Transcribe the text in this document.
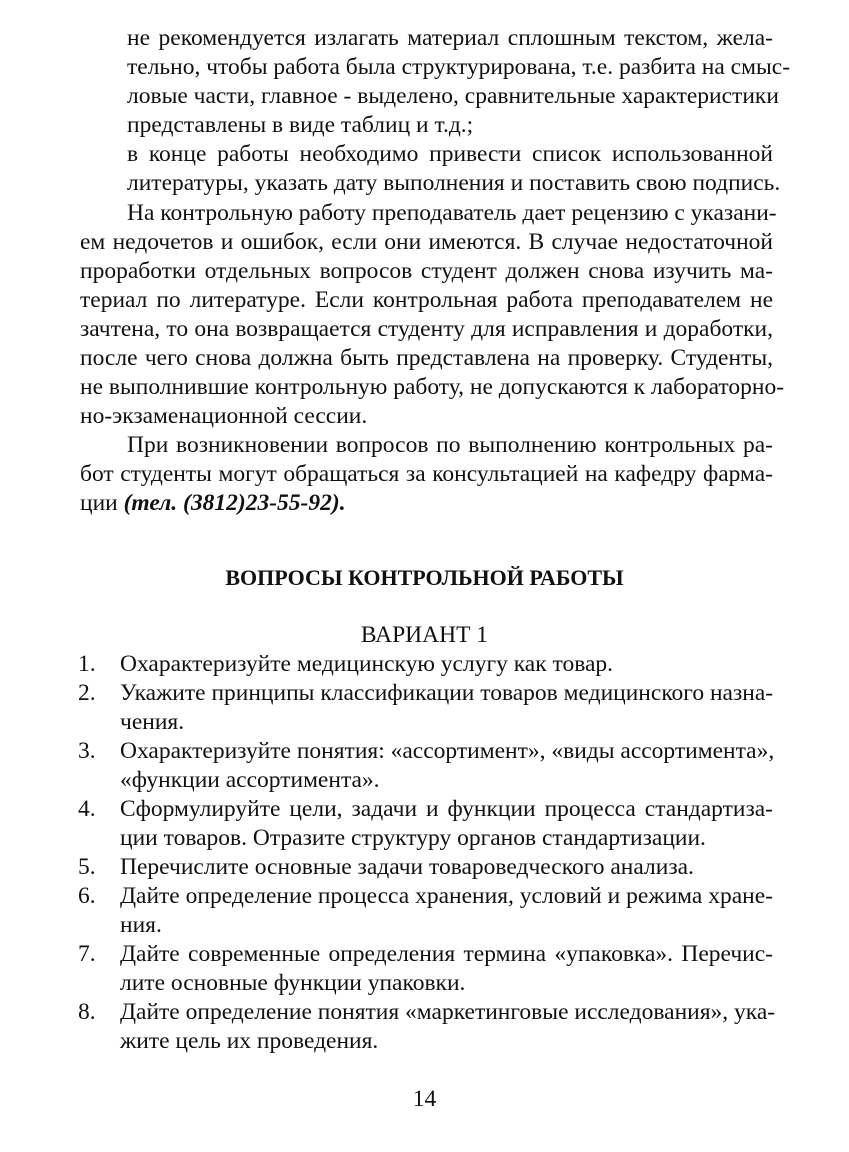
не рекомендуется излагать материал сплошным текстом, жела-
тельно, чтобы работа была структурирована, т.е. разбита на смыс-
ловые части, главное - выделено, сравнительные характеристики
представлены в виде таблиц и т.д.;
в конце работы необходимо привести список использованной
литературы, указать дату выполнения и поставить свою подпись.
На контрольную работу преподаватель дает рецензию с указани-
ем недочетов и ошибок, если они имеются. В случае недостаточной
проработки отдельных вопросов студент должен снова изучить ма-
териал по литературе. Если контрольная работа преподавателем не
зачтена, то она возвращается студенту для исправления и доработки,
после чего снова должна быть представлена на проверку. Студенты,
не выполнившие контрольную работу, не допускаются к лабораторно-
но-экзаменационной сессии.
При возникновении вопросов по выполнению контрольных ра-
бот студенты могут обращаться за консультацией на кафедру фарма-
ции (тел. (3812)23-55-92).
ВОПРОСЫ КОНТРОЛЬНОЙ РАБОТЫ
ВАРИАНТ 1
1.	Охарактеризуйте медицинскую услугу как товар.
2.	Укажите принципы классификации товаров медицинского назна-
чения.
3.	Охарактеризуйте понятия: «ассортимент», «виды ассортимента»,
«функции ассортимента».
4.	Сформулируйте цели, задачи и функции процесса стандартиза-
ции товаров. Отразите структуру органов стандартизации.
5.	Перечислите основные задачи товароведческого анализа.
6.	Дайте определение процесса хранения, условий и режима хране-
ния.
7.	Дайте современные определения термина «упаковка». Перечис-
лите основные функции упаковки.
8.	Дайте определение понятия «маркетинговые исследования», ука-
жите цель их проведения.
14
